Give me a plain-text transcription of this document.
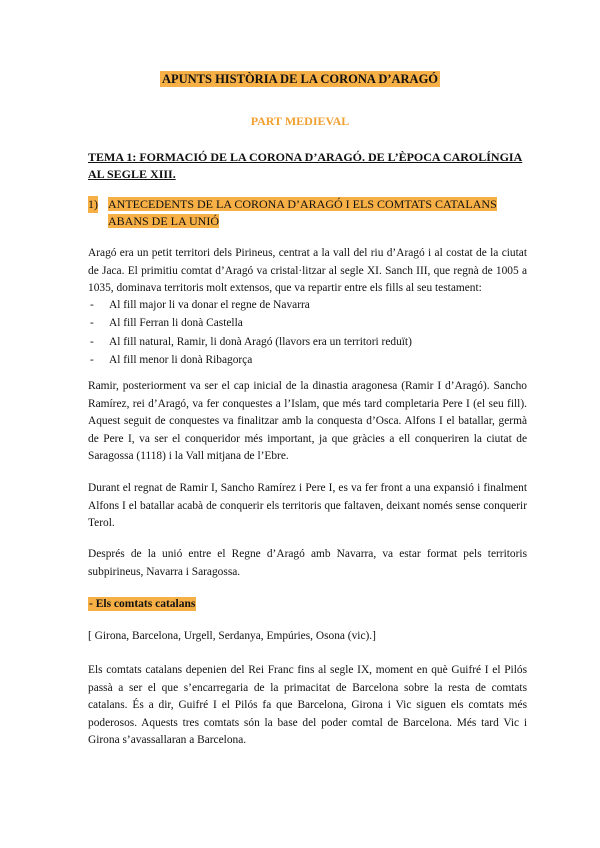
APUNTS HISTÒRIA DE LA CORONA D’ARAGÓ
PART MEDIEVAL
TEMA 1: FORMACIÓ DE LA CORONA D’ARAGÓ. DE L’ÈPOCA CAROLÍNGIA AL SEGLE XIII.
1) ANTECEDENTS DE LA CORONA D’ARAGÓ I ELS COMTATS CATALANS ABANS DE LA UNIÓ
Aragó era un petit territori dels Pirineus, centrat a la vall del riu d’Aragó i al costat de la ciutat de Jaca. El primitiu comtat d’Aragó va cristal·litzar al segle XI. Sanch III, que regnà de 1005 a 1035, dominava territoris molt extensos, que va repartir entre els fills al seu testament:
- Al fill major li va donar el regne de Navarra
- Al fill Ferran li donà Castella
- Al fill natural, Ramir, li donà Aragó (llavors era un territori reduït)
- Al fill menor li donà Ribagorça
Ramir, posteriorment va ser el cap inicial de la dinastia aragonesa (Ramir I d’Aragó). Sancho Ramírez, rei d’Aragó, va fer conquestes a l’Islam, que més tard completaria Pere I (el seu fill). Aquest seguit de conquestes va finalitzar amb la conquesta d’Osca. Alfons I el batallar, germà de Pere I, va ser el conqueridor més important, ja que gràcies a ell conqueriren la ciutat de Saragossa (1118) i la Vall mitjana de l’Ebre.
Durant el regnat de Ramir I, Sancho Ramírez i Pere I, es va fer front a una expansió i finalment Alfons I el batallar acabà de conquerir els territoris que faltaven, deixant només sense conquerir Terol.
Després de la unió entre el Regne d’Aragó amb Navarra, va estar format pels territoris subpirineus, Navarra i Saragossa.
- Els comtats catalans
[ Girona, Barcelona, Urgell, Serdanya, Empúries, Osona (vic).]
Els comtats catalans depenien del Rei Franc fins al segle IX, moment en què Guifré I el Pilós passà a ser el que s’encarregaria de la primacitat de Barcelona sobre la resta de comtats catalans. És a dir, Guifré I el Pilós fa que Barcelona, Girona i Vic siguen els comtats més poderosos. Aquests tres comtats són la base del poder comtal de Barcelona. Més tard Vic i Girona s’avassallaran a Barcelona.
